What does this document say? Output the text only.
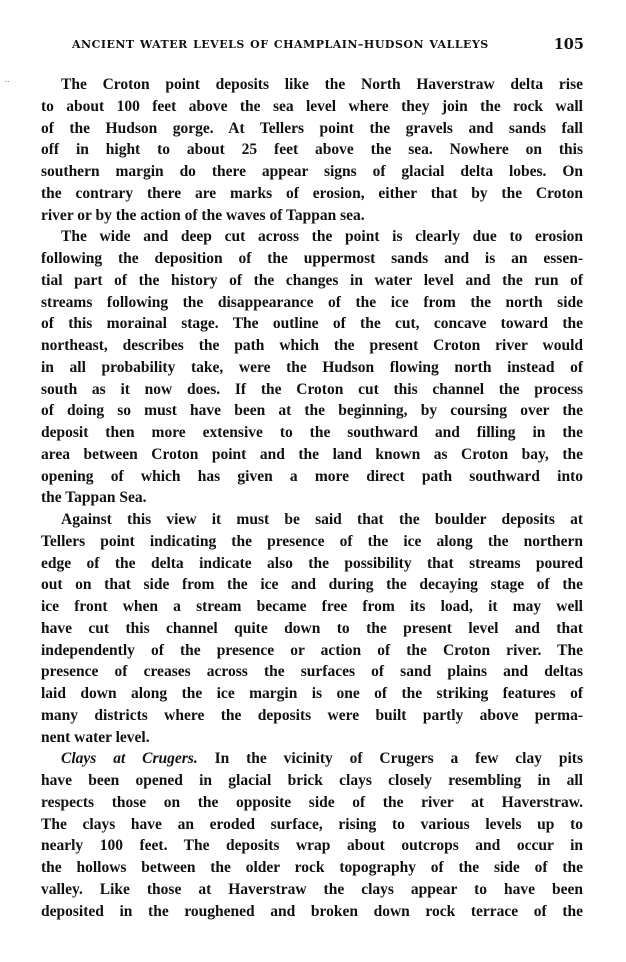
ANCIENT WATER LEVELS OF CHAMPLAIN–HUDSON VALLEYS	105
··	The Croton point deposits like the North Haverstraw delta rise
to about 100 feet above the sea level where they join the rock wall
of the Hudson gorge. At Tellers point the gravels and sands fall
off in hight to about 25 feet above the sea. Nowhere on this
southern margin do there appear signs of glacial delta lobes. On
the contrary there are marks of erosion, either that by the Croton
river or by the action of the waves of Tappan sea.
The wide and deep cut across the point is clearly due to erosion
following the deposition of the uppermost sands and is an essen-
tial part of the history of the changes in water level and the run of
streams following the disappearance of the ice from the north side
of this morainal stage. The outline of the cut, concave toward the
northeast, describes the path which the present Croton river would
in all probability take, were the Hudson flowing north instead of
south as it now does. If the Croton cut this channel the process
of doing so must have been at the beginning, by coursing over the
deposit then more extensive to the southward and filling in the
area between Croton point and the land known as Croton bay, the
opening of which has given a more direct path southward into
the Tappan Sea.
Against this view it must be said that the boulder deposits at
Tellers point indicating the presence of the ice along the northern
edge of the delta indicate also the possibility that streams poured
out on that side from the ice and during the decaying stage of the
ice front when a stream became free from its load, it may well
have cut this channel quite down to the present level and that
independently of the presence or action of the Croton river. The
presence of creases across the surfaces of sand plains and deltas
laid down along the ice margin is one of the striking features of
many districts where the deposits were built partly above perma-
nent water level.
Clays at Crugers. In the vicinity of Crugers a few clay pits
have been opened in glacial brick clays closely resembling in all
respects those on the opposite side of the river at Haverstraw.
The clays have an eroded surface, rising to various levels up to
nearly 100 feet. The deposits wrap about outcrops and occur in
the hollows between the older rock topography of the side of the
valley. Like those at Haverstraw the clays appear to have been
deposited in the roughened and broken down rock terrace of the
